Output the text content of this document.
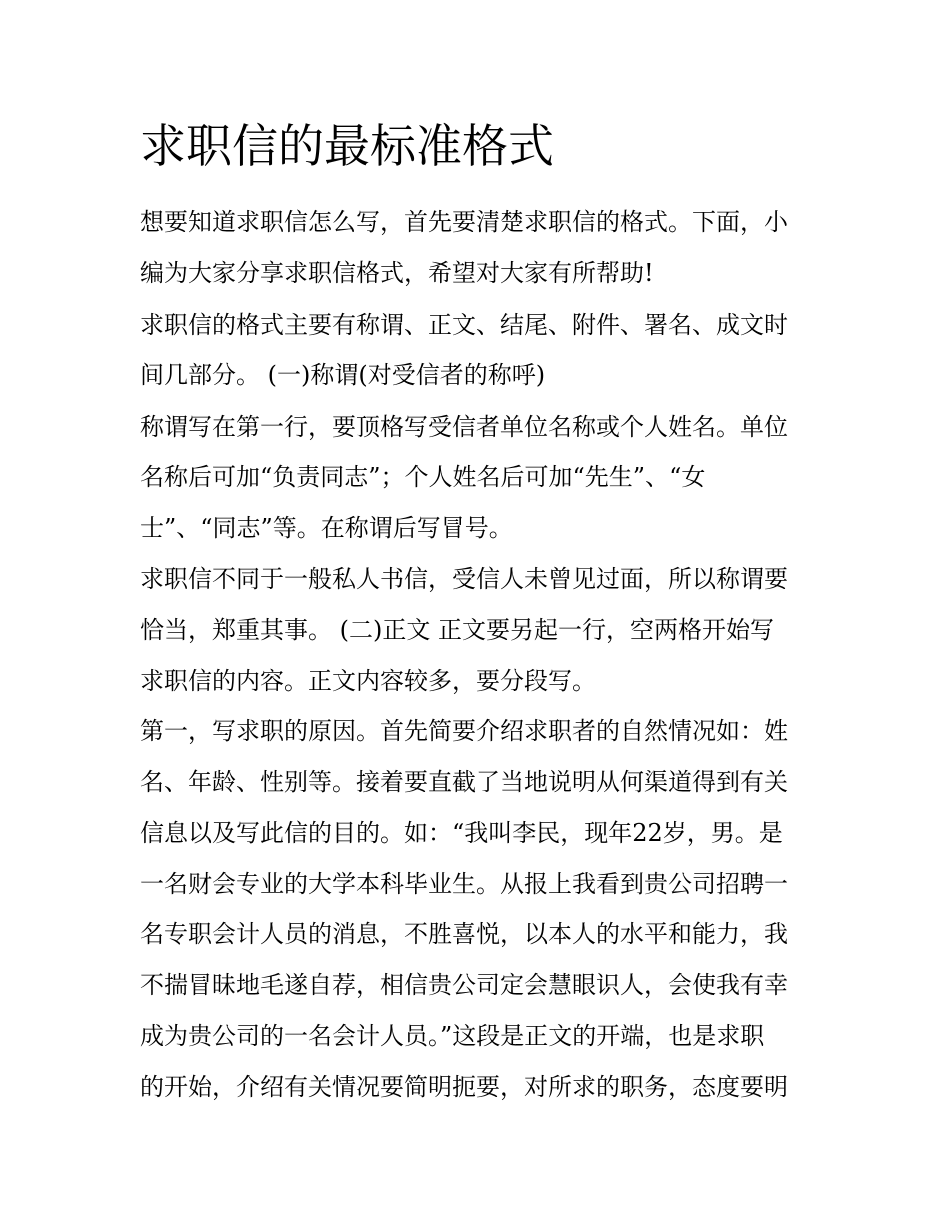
求职信的最标准格式

想要知道求职信怎么写，首先要清楚求职信的格式。下面，小

编为大家分享求职信格式，希望对大家有所帮助!

求职信的格式主要有称谓、正文、结尾、附件、署名、成文时

间几部分。 (一)称谓(对受信者的称呼)

称谓写在第一行，要顶格写受信者单位名称或个人姓名。单位

名称后可加“负责同志”；个人姓名后可加“先生”、“女

士”、“同志”等。在称谓后写冒号。

求职信不同于一般私人书信，受信人未曾见过面，所以称谓要

恰当，郑重其事。 (二)正文 正文要另起一行，空两格开始写

求职信的内容。正文内容较多，要分段写。

第一，写求职的原因。首先简要介绍求职者的自然情况如：姓

名、年龄、性别等。接着要直截了当地说明从何渠道得到有关

信息以及写此信的目的。如：“我叫李民，现年22岁，男。是

一名财会专业的大学本科毕业生。从报上我看到贵公司招聘一

名专职会计人员的消息，不胜喜悦，以本人的水平和能力，我

不揣冒昧地毛遂自荐，相信贵公司定会慧眼识人，会使我有幸

成为贵公司的一名会计人员。”这段是正文的开端，也是求职

的开始，介绍有关情况要简明扼要，对所求的职务，态度要明
